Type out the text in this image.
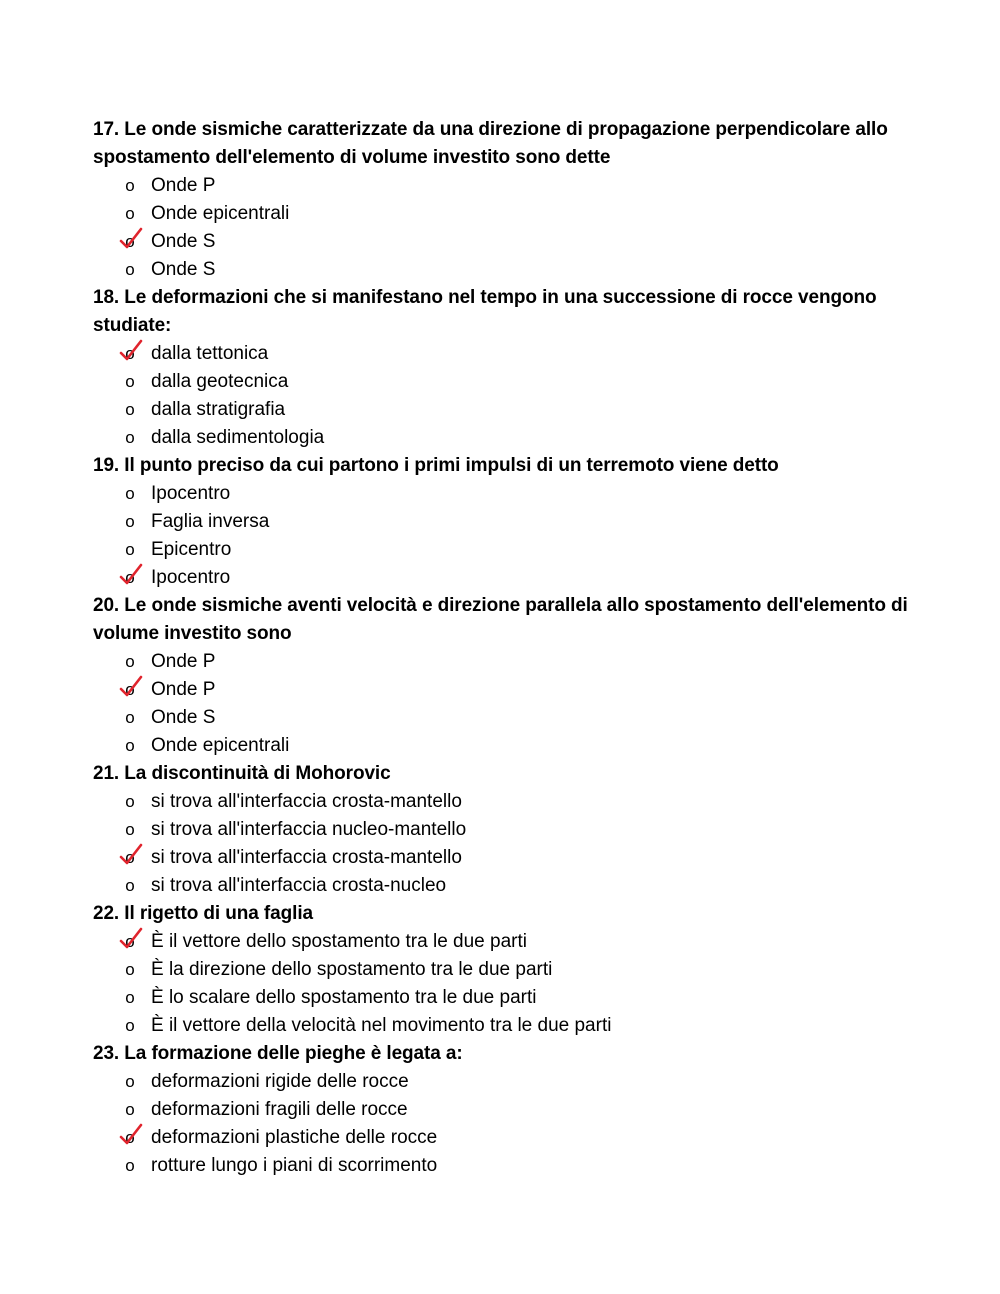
17. Le onde sismiche caratterizzate da una direzione di propagazione perpendicolare allo spostamento dell'elemento di volume investito sono dette

o Onde P
o Onde epicentrali
o Onde S
o Onde S

18. Le deformazioni che si manifestano nel tempo in una successione di rocce vengono studiate:

o dalla tettonica
o dalla geotecnica
o dalla stratigrafia
o dalla sedimentologia

19. Il punto preciso da cui partono i primi impulsi di un terremoto viene detto

o Ipocentro
o Faglia inversa
o Epicentro
o Ipocentro

20. Le onde sismiche aventi velocità e direzione parallela allo spostamento dell'elemento di volume investito sono

o Onde P
o Onde P
o Onde S
o Onde epicentrali

21. La discontinuità di Mohorovic

o si trova all'interfaccia crosta-mantello
o si trova all'interfaccia nucleo-mantello
o si trova all'interfaccia crosta-mantello
o si trova all'interfaccia crosta-nucleo

22. Il rigetto di una faglia

o È il vettore dello spostamento tra le due parti
o È la direzione dello spostamento tra le due parti
o È lo scalare dello spostamento tra le due parti
o È il vettore della velocità nel movimento tra le due parti

23. La formazione delle pieghe è legata a:

o deformazioni rigide delle rocce
o deformazioni fragili delle rocce
o deformazioni plastiche delle rocce
o rotture lungo i piani di scorrimento
